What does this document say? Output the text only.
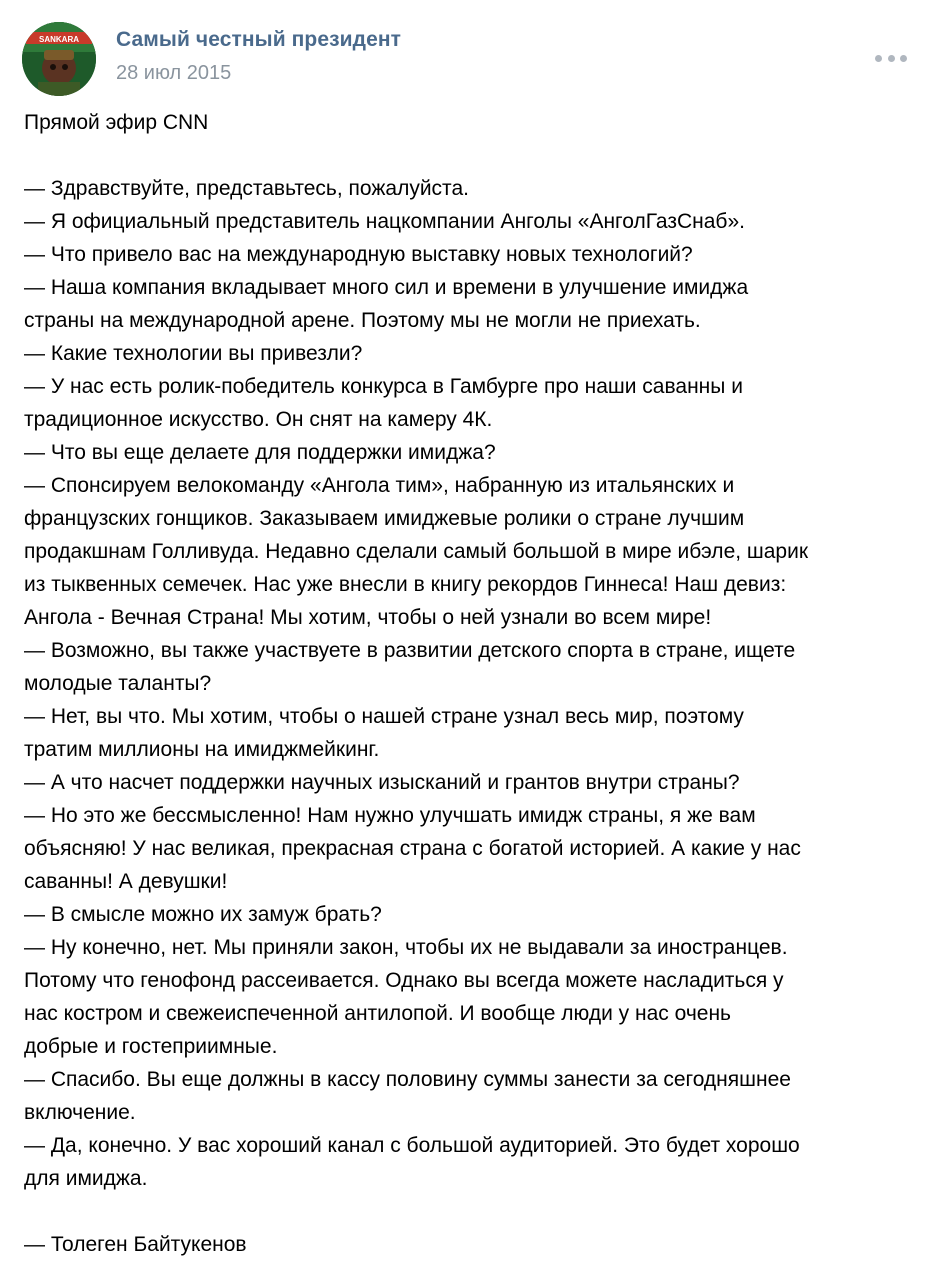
SANKARA Самый честный президент
28 июл 2015

Прямой эфир CNN

— Здравствуйте, представьтесь, пожалуйста.

— Я официальный представитель нацкомпании Анголы «АнголГазСнаб».

— Что привело вас на международную выставку новых технологий?

— Наша компания вкладывает много сил и времени в улучшение имиджа

страны на международной арене. Поэтому мы не могли не приехать.

— Какие технологии вы привезли?

— У нас есть ролик-победитель конкурса в Гамбурге про наши саванны и

традиционное искусство. Он снят на камеру 4К.

— Что вы еще делаете для поддержки имиджа?

— Спонсируем велокоманду «Ангола тим», набранную из итальянских и

французских гонщиков. Заказываем имиджевые ролики о стране лучшим

продакшнам Голливуда. Недавно сделали самый большой в мире ибэле, шарик

из тыквенных семечек. Нас уже внесли в книгу рекордов Гиннеса! Наш девиз:

Ангола - Вечная Страна! Мы хотим, чтобы о ней узнали во всем мире!

— Возможно, вы также участвуете в развитии детского спорта в стране, ищете

молодые таланты?

— Нет, вы что. Мы хотим, чтобы о нашей стране узнал весь мир, поэтому

тратим миллионы на имиджмейкинг.

— А что насчет поддержки научных изысканий и грантов внутри страны?

— Но это же бессмысленно! Нам нужно улучшать имидж страны, я же вам

объясняю! У нас великая, прекрасная страна с богатой историей. А какие у нас

саванны! А девушки!

— В смысле можно их замуж брать?

— Ну конечно, нет. Мы приняли закон, чтобы их не выдавали за иностранцев.

Потому что генофонд рассеивается. Однако вы всегда можете насладиться у

нас костром и свежеиспеченной антилопой. И вообще люди у нас очень

добрые и гостеприимные.

— Спасибо. Вы еще должны в кассу половину суммы занести за сегодняшнее

включение.

— Да, конечно. У вас хороший канал с большой аудиторией. Это будет хорошо

для имиджа.

— Толеген Байтукенов
